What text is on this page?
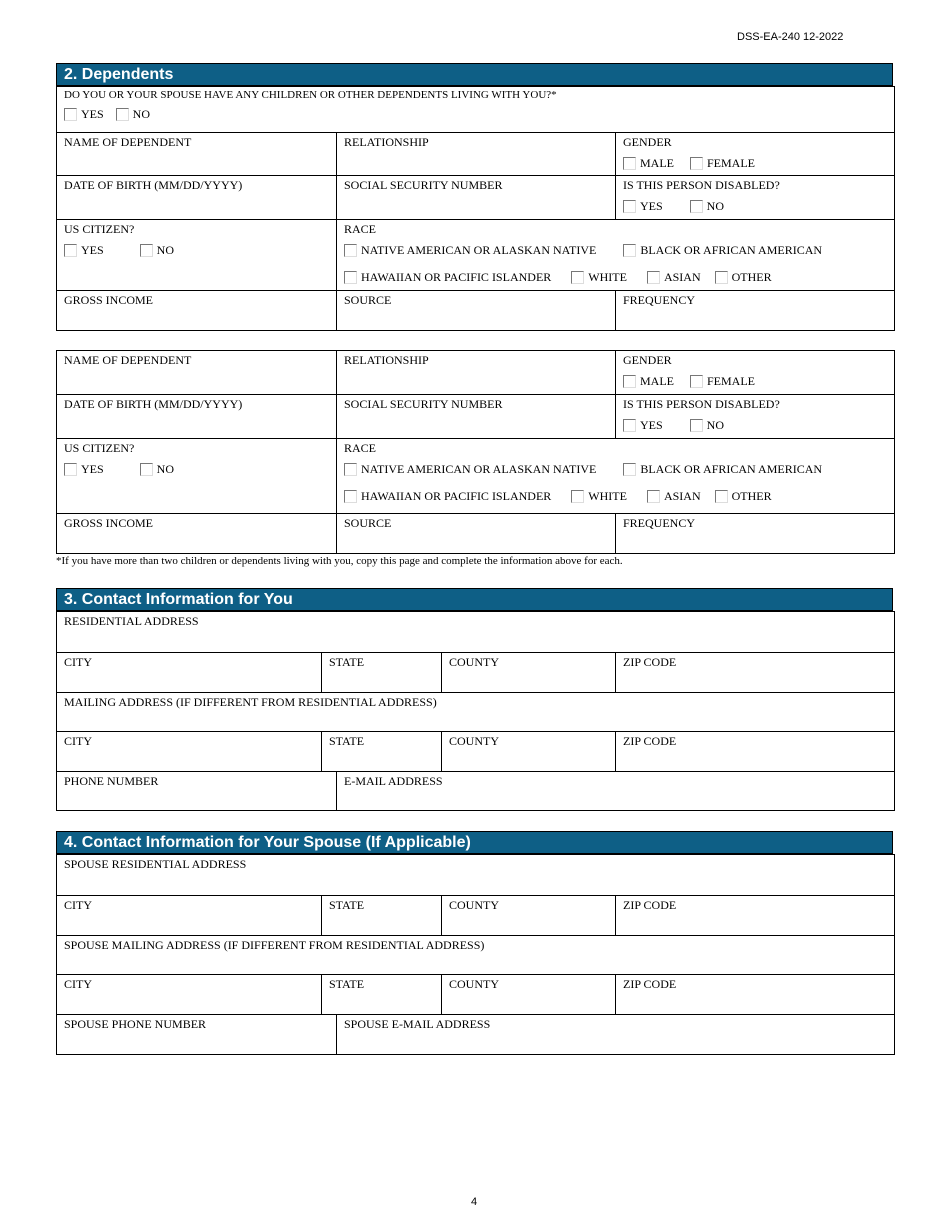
DSS-EA-240 12-2022
2. Dependents
DO YOU OR YOUR SPOUSE HAVE ANY CHILDREN OR OTHER DEPENDENTS LIVING WITH YOU?*
YES NO
NAME OF DEPENDENT	RELATIONSHIP	GENDER
MALE	FEMALE
DATE OF BIRTH (MM/DD/YYYY)	SOCIAL SECURITY NUMBER	IS THIS PERSON DISABLED?
YES	NO
US CITIZEN?
YES	NO
RACE
NATIVE AMERICAN OR ALASKAN NATIVE	BLACK OR AFRICAN AMERICAN
HAWAIIAN OR PACIFIC ISLANDER	WHITE	ASIAN	OTHER
GROSS INCOME	SOURCE	FREQUENCY
NAME OF DEPENDENT	RELATIONSHIP	GENDER
MALE	FEMALE
DATE OF BIRTH (MM/DD/YYYY)	SOCIAL SECURITY NUMBER	IS THIS PERSON DISABLED?
YES	NO
US CITIZEN?
YES	NO
RACE
NATIVE AMERICAN OR ALASKAN NATIVE	BLACK OR AFRICAN AMERICAN
HAWAIIAN OR PACIFIC ISLANDER	WHITE	ASIAN	OTHER
GROSS INCOME	SOURCE	FREQUENCY
*If you have more than two children or dependents living with you, copy this page and complete the information above for each.
3. Contact Information for You
RESIDENTIAL ADDRESS
CITY	STATE	COUNTY	ZIP CODE
MAILING ADDRESS (IF DIFFERENT FROM RESIDENTIAL ADDRESS)
CITY	STATE	COUNTY	ZIP CODE
PHONE NUMBER	E-MAIL ADDRESS
4. Contact Information for Your Spouse (If Applicable)
SPOUSE RESIDENTIAL ADDRESS
CITY	STATE	COUNTY	ZIP CODE
SPOUSE MAILING ADDRESS (IF DIFFERENT FROM RESIDENTIAL ADDRESS)
CITY	STATE	COUNTY	ZIP CODE
SPOUSE PHONE NUMBER	SPOUSE E-MAIL ADDRESS
4
